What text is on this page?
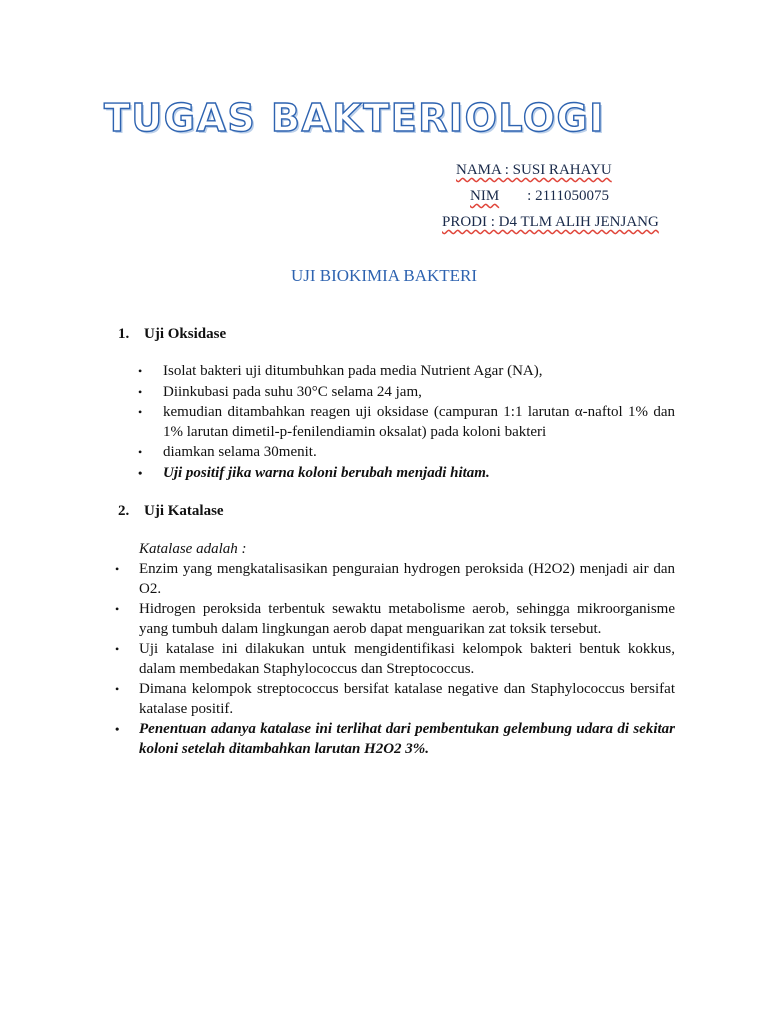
TUGAS BAKTERIOLOGI
NAMA : SUSI RAHAYU
NIM : 2111050075
PRODI : D4 TLM ALIH JENJANG
UJI BIOKIMIA BAKTERI
1. Uji Oksidase
• Isolat bakteri uji ditumbuhkan pada media Nutrient Agar (NA),
• Diinkubasi pada suhu 30°C selama 24 jam,
• kemudian ditambahkan reagen uji oksidase (campuran 1:1 larutan α-naftol 1% dan 1% larutan dimetil-p-fenilendiamin oksalat) pada koloni bakteri
• diamkan selama 30menit.
• Uji positif jika warna koloni berubah menjadi hitam.
2. Uji Katalase
Katalase adalah :
• Enzim yang mengkatalisasikan penguraian hydrogen peroksida (H2O2) menjadi air dan O2.
• Hidrogen peroksida terbentuk sewaktu metabolisme aerob, sehingga mikroorganisme yang tumbuh dalam lingkungan aerob dapat menguarikan zat toksik tersebut.
• Uji katalase ini dilakukan untuk mengidentifikasi kelompok bakteri bentuk kokkus, dalam membedakan Staphylococcus dan Streptococcus.
• Dimana kelompok streptococcus bersifat katalase negative dan Staphylococcus bersifat katalase positif.
• Penentuan adanya katalase ini terlihat dari pembentukan gelembung udara di sekitar koloni setelah ditambahkan larutan H2O2 3%.
